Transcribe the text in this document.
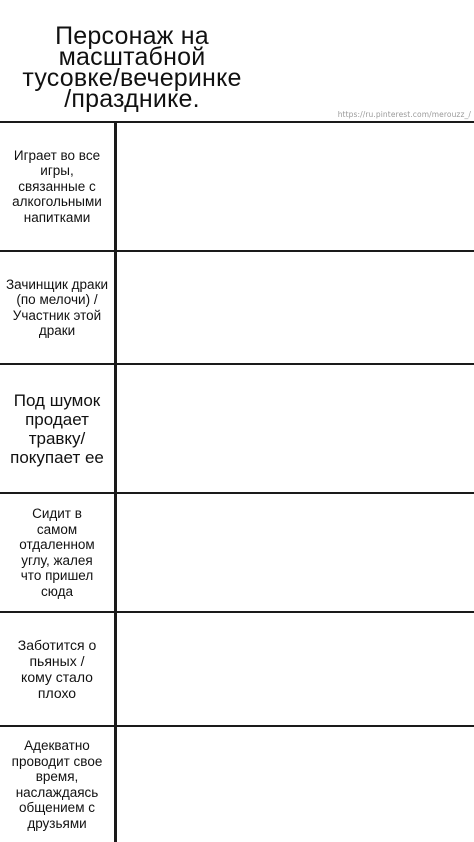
Персонаж на
масштабной
тусовке/вечеринке
/празднике.
https://ru.pinterest.com/merouzz_/
Играет во все
игры,
связанные с
алкогольными
напитками
Зачинщик драки
(по мелочи) /
Участник этой
драки
Под шумок
продает
травку/
покупает ее
Сидит в
самом
отдаленном
углу, жалея
что пришел
сюда
Заботится о
пьяных /
кому стало
плохо
Адекватно
проводит свое
время,
наслаждаясь
общением с
друзьями
